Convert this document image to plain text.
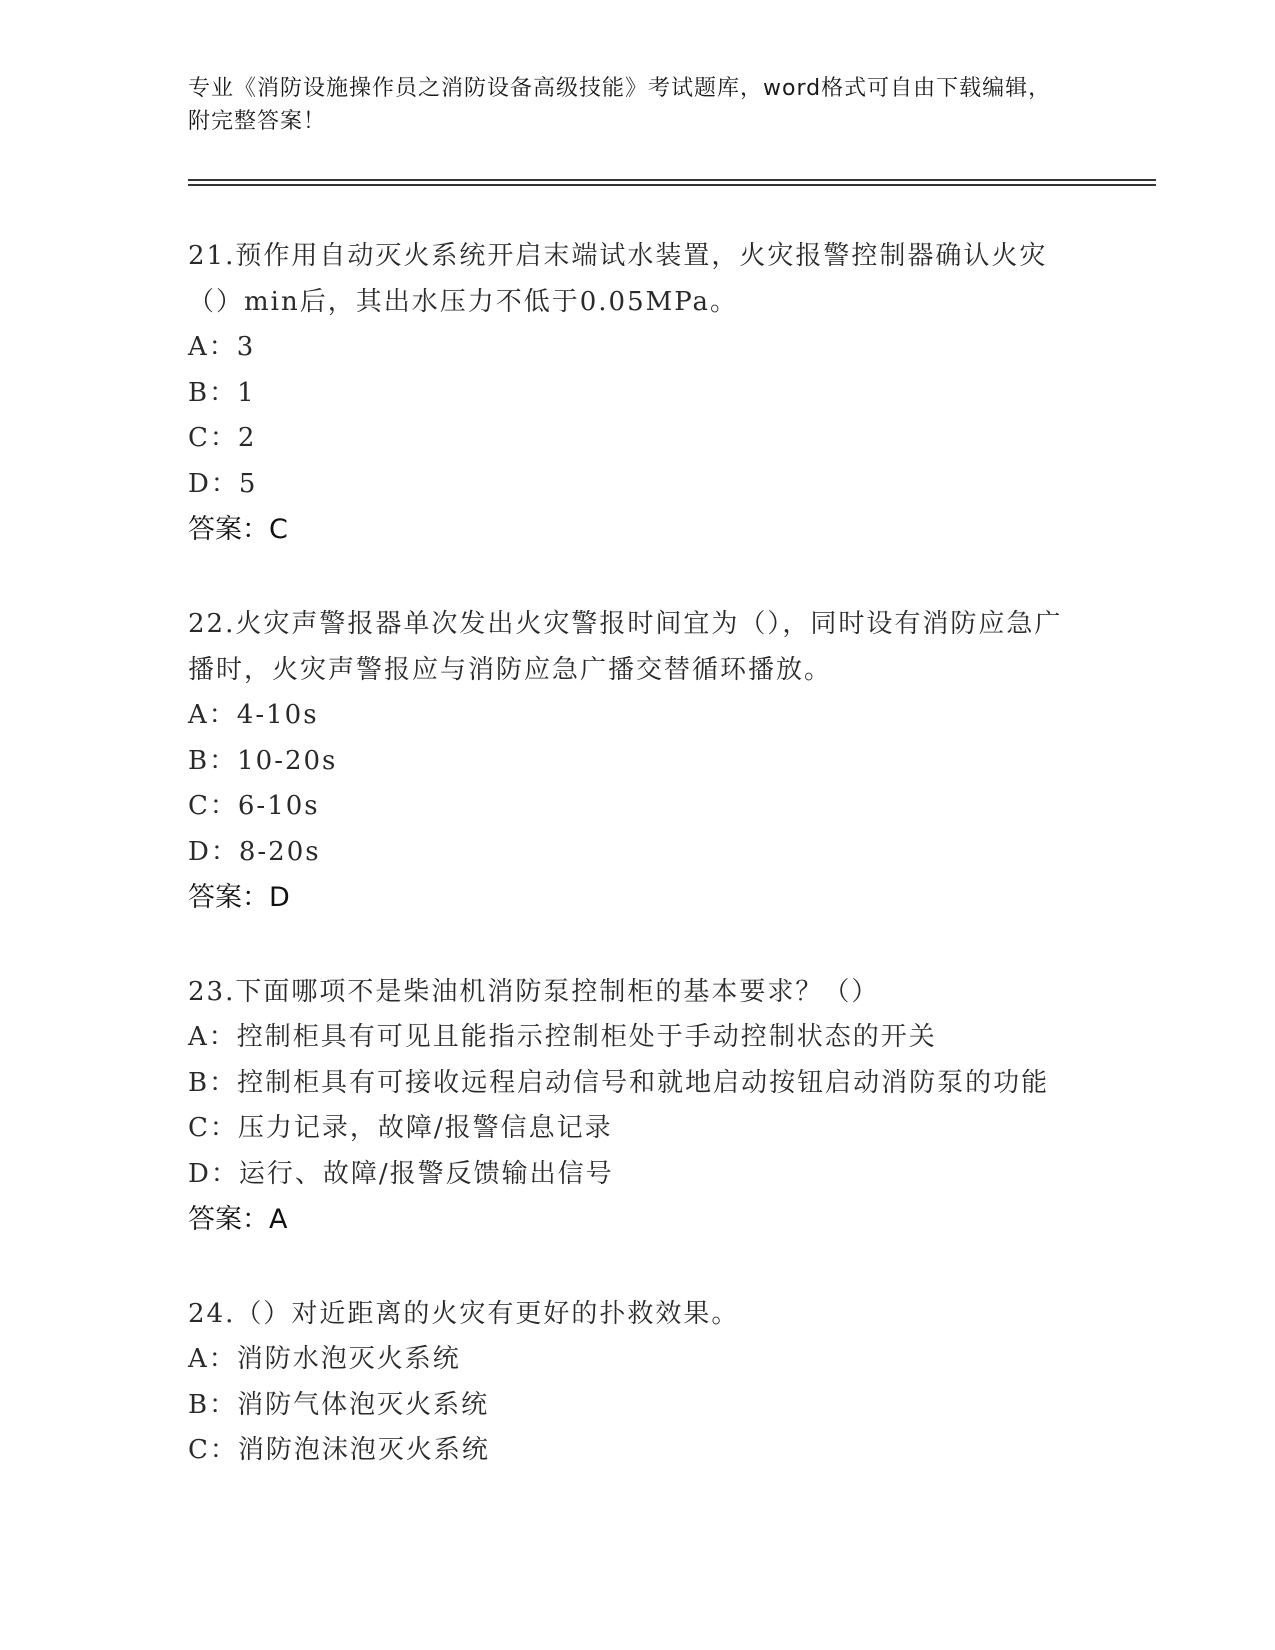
专业《消防设施操作员之消防设备高级技能》考试题库，word格式可自由下载编辑，附完整答案！

21.预作用自动灭火系统开启末端试水装置，火灾报警控制器确认火灾（）min后，其出水压力不低于0.05MPa。

A：3

B：1

C：2

D：5

答案：C

22.火灾声警报器单次发出火灾警报时间宜为（），同时设有消防应急广播时，火灾声警报应与消防应急广播交替循环播放。

A：4-10s

B：10-20s

C：6-10s

D：8-20s

答案：D

23.下面哪项不是柴油机消防泵控制柜的基本要求？（）

A：控制柜具有可见且能指示控制柜处于手动控制状态的开关

B：控制柜具有可接收远程启动信号和就地启动按钮启动消防泵的功能

C：压力记录，故障/报警信息记录

D：运行、故障/报警反馈输出信号

答案：A

24.（）对近距离的火灾有更好的扑救效果。

A：消防水泡灭火系统

B：消防气体泡灭火系统

C：消防泡沫泡灭火系统
